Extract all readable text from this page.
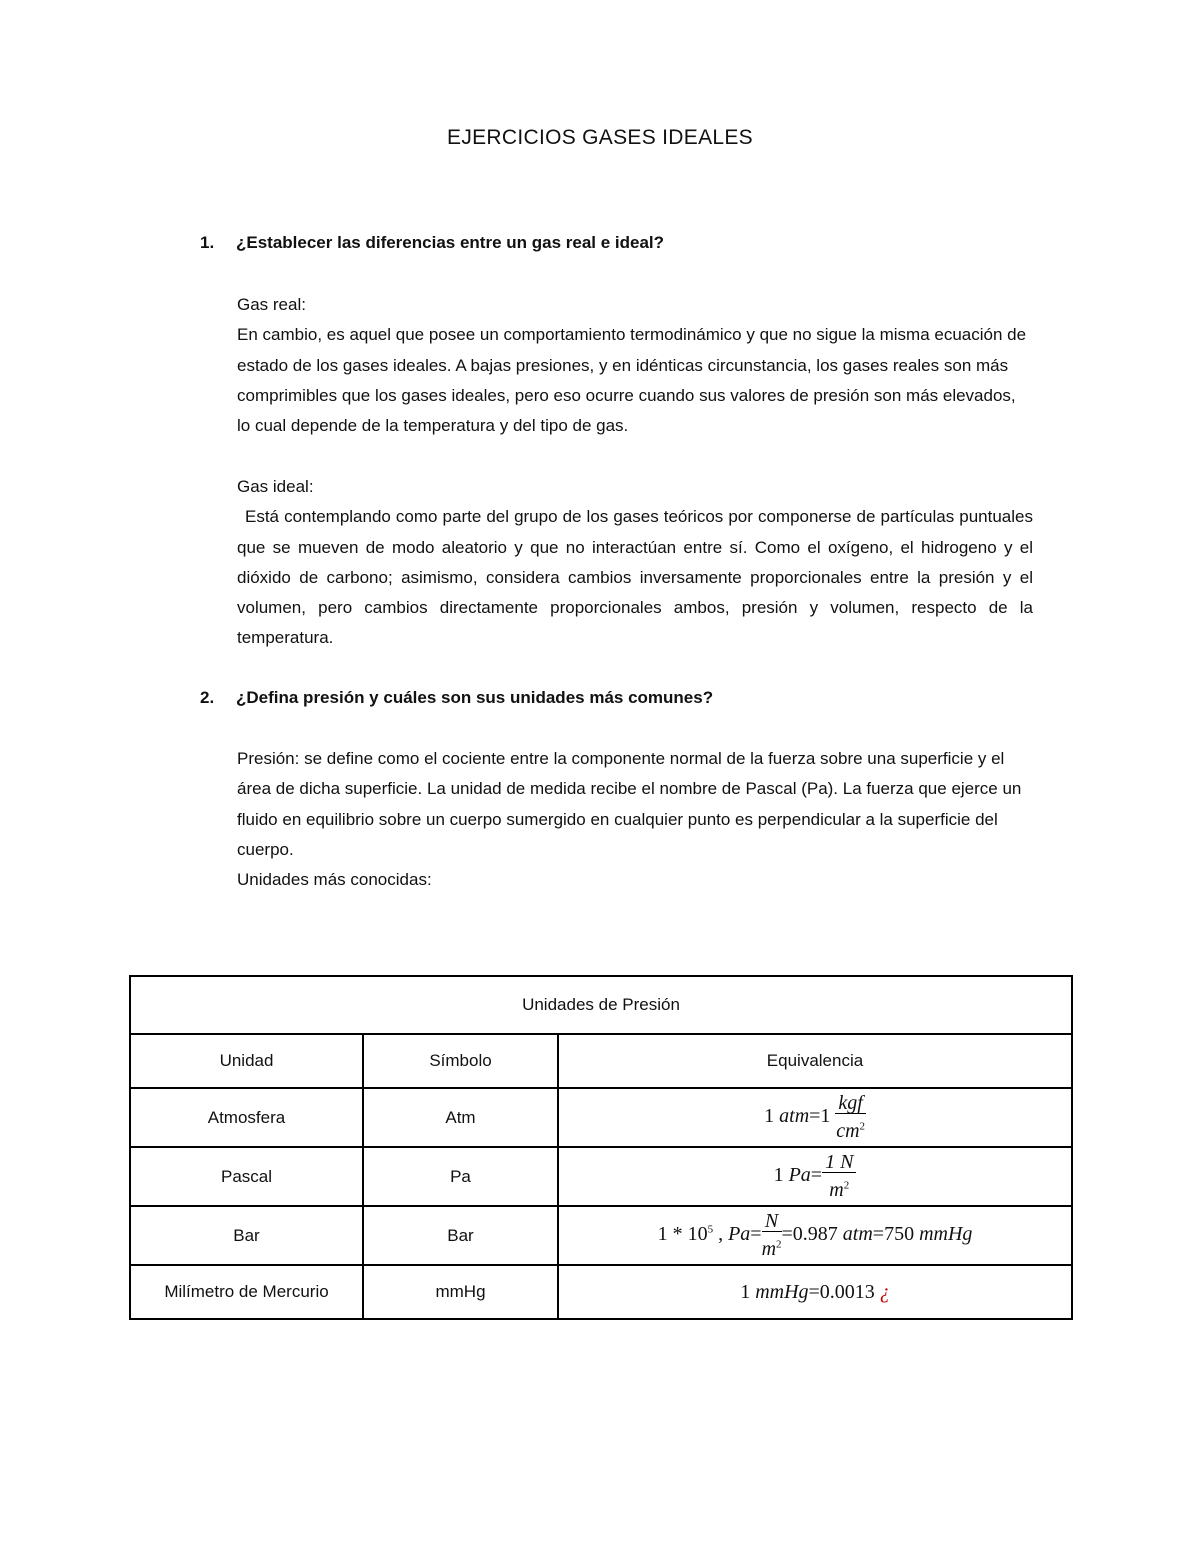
EJERCICIOS GASES IDEALES
1. ¿Establecer las diferencias entre un gas real e ideal?

Gas real:

En cambio, es aquel que posee un comportamiento termodinámico y que no sigue la misma ecuación de estado de los gases ideales. A bajas presiones, y en idénticas circunstancia, los gases reales son más comprimibles que los gases ideales, pero eso ocurre cuando sus valores de presión son más elevados, lo cual depende de la temperatura y del tipo de gas.

Gas ideal:

Está contemplando como parte del grupo de los gases teóricos por componerse de partículas puntuales que se mueven de modo aleatorio y que no interactúan entre sí. Como el oxígeno, el hidrogeno y el dióxido de carbono; asimismo, considera cambios inversamente proporcionales entre la presión y el volumen, pero cambios directamente proporcionales ambos, presión y volumen, respecto de la temperatura.

2. ¿Defina presión y cuáles son sus unidades más comunes?

Presión: se define como el cociente entre la componente normal de la fuerza sobre una superficie y el área de dicha superficie. La unidad de medida recibe el nombre de Pascal (Pa). La fuerza que ejerce un fluido en equilibrio sobre un cuerpo sumergido en cualquier punto es perpendicular a la superficie del cuerpo.

Unidades más conocidas:

Unidades de Presión		
Unidad	Símbolo	Equivalencia
Atmosfera	Atm	1 $atm=1 \frac{\text{kgf}}{cm^2}$

Pascal	Pa	1 $Pa= \frac{1 N}{m^2}$

Bar	Bar	$1 * 10^5$ , $Pa= \frac{N}{m^2} =0.987$ atm=750 mmHg
Milímetro de Mercurio	mmHg	1 mmHg=0.0013 ¿
